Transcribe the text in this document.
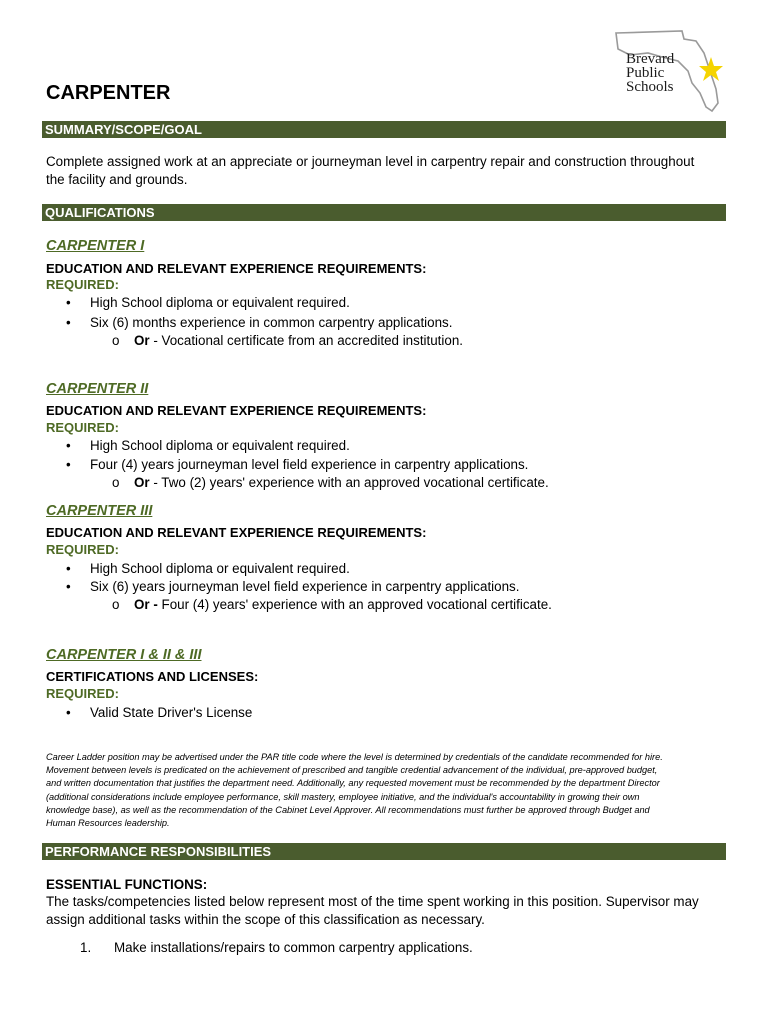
Brevard
Public
Schools
CARPENTER
SUMMARY/SCOPE/GOAL
Complete assigned work at an appreciate or journeyman level in carpentry repair and construction throughout
the facility and grounds.
QUALIFICATIONS
CARPENTER I
EDUCATION AND RELEVANT EXPERIENCE REQUIREMENTS:
REQUIRED:
• High School diploma or equivalent required.
• Six (6) months experience in common carpentry applications.
o Or - Vocational certificate from an accredited institution.
CARPENTER II
EDUCATION AND RELEVANT EXPERIENCE REQUIREMENTS:
REQUIRED:
• High School diploma or equivalent required.
• Four (4) years journeyman level field experience in carpentry applications.
o Or - Two (2) years' experience with an approved vocational certificate.
CARPENTER III
EDUCATION AND RELEVANT EXPERIENCE REQUIREMENTS:
REQUIRED:
• High School diploma or equivalent required.
• Six (6) years journeyman level field experience in carpentry applications.
o Or - Four (4) years' experience with an approved vocational certificate.
CARPENTER I & II & III
CERTIFICATIONS AND LICENSES:
REQUIRED:
• Valid State Driver's License
Career Ladder position may be advertised under the PAR title code where the level is determined by credentials of the candidate recommended for hire.
Movement between levels is predicated on the achievement of prescribed and tangible credential advancement of the individual, pre-approved budget,
and written documentation that justifies the department need. Additionally, any requested movement must be recommended by the department Director
(additional considerations include employee performance, skill mastery, employee initiative, and the individual's accountability in growing their own
knowledge base), as well as the recommendation of the Cabinet Level Approver. All recommendations must further be approved through Budget and
Human Resources leadership.
PERFORMANCE RESPONSIBILITIES
ESSENTIAL FUNCTIONS:
The tasks/competencies listed below represent most of the time spent working in this position. Supervisor may
assign additional tasks within the scope of this classification as necessary.
1. Make installations/repairs to common carpentry applications.
